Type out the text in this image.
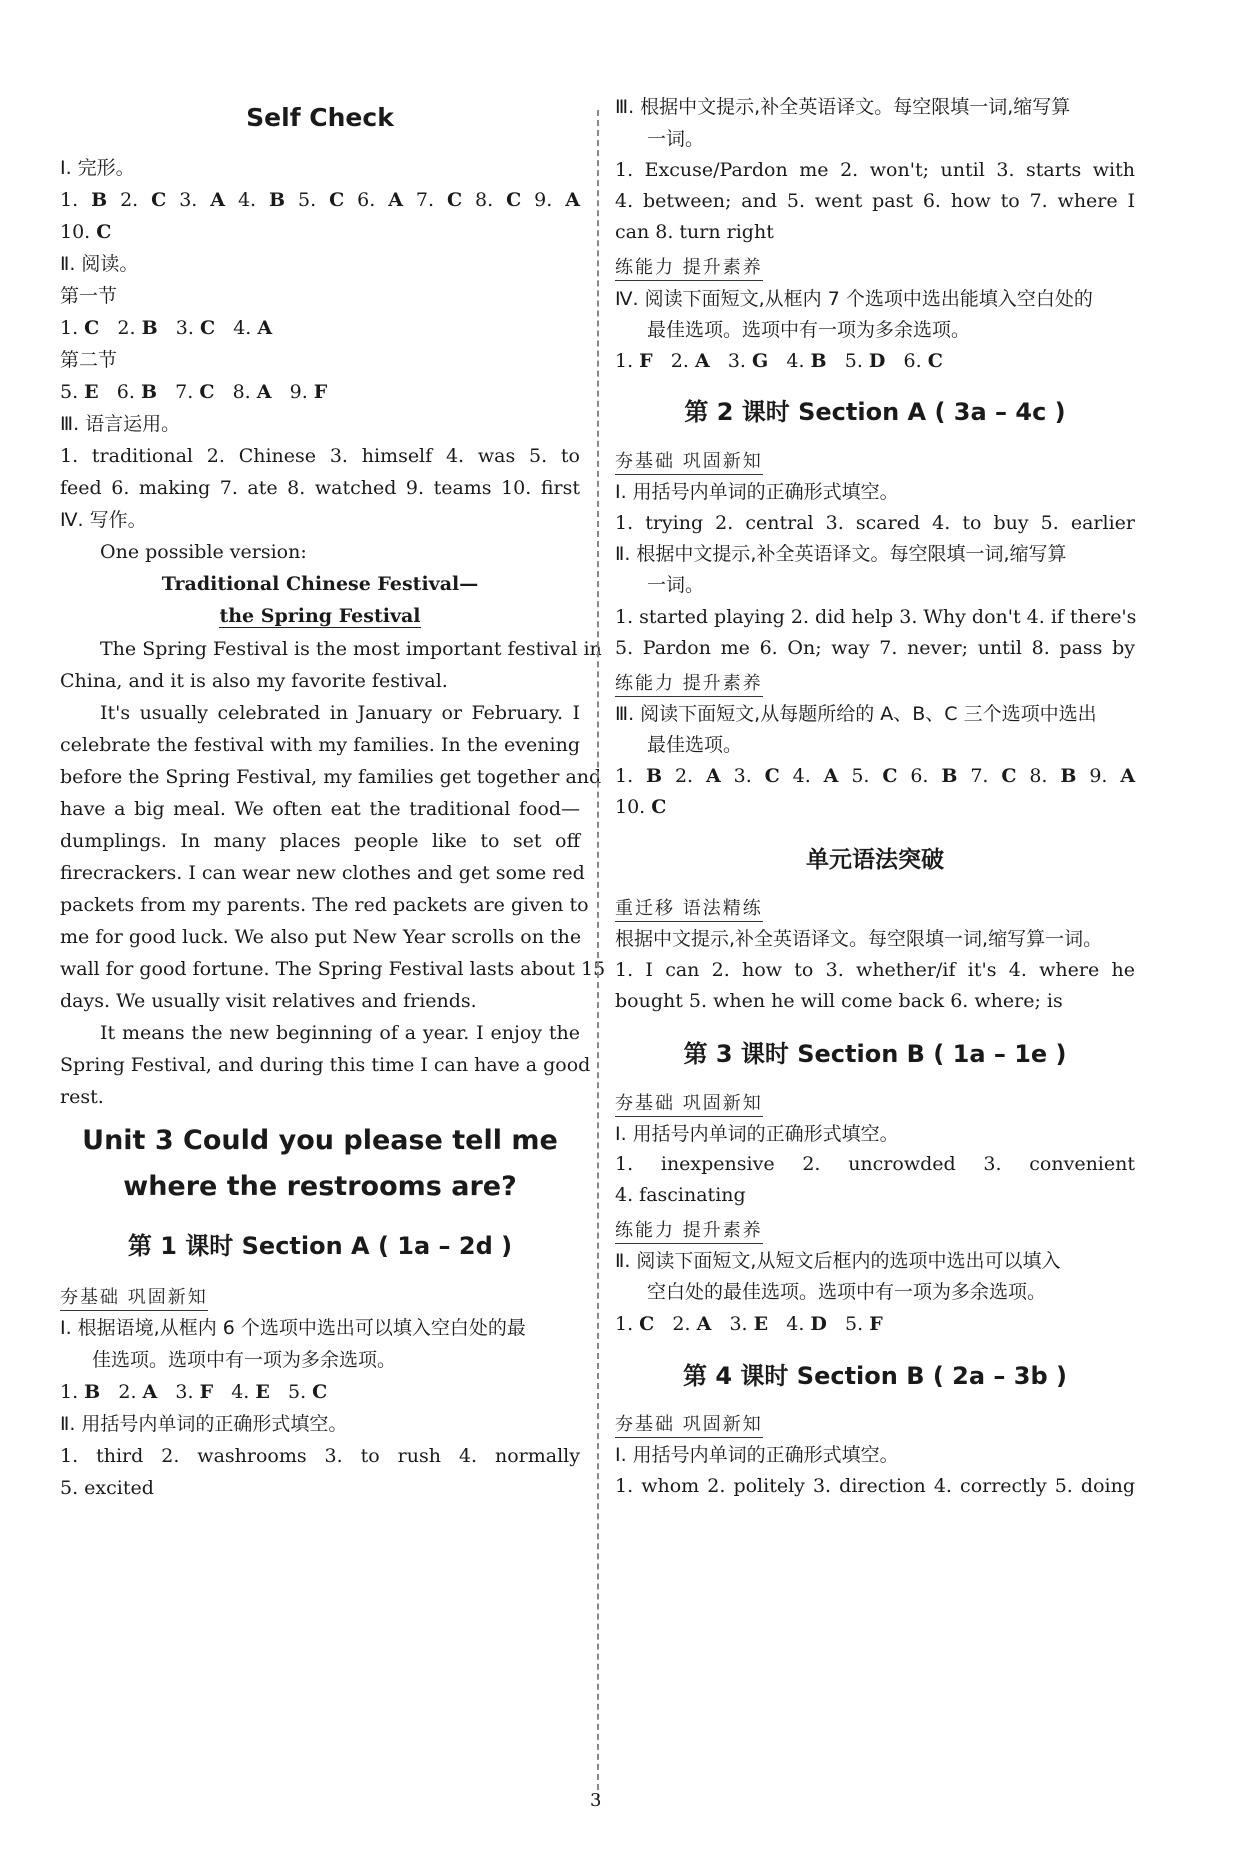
Self Check
Ⅰ. 完形。
1. B 2. C 3. A 4. B 5. C 6. A 7. C 8. C 9. A
10. C
Ⅱ. 阅读。
第一节
1. C 2. B 3. C 4. A
第二节
5. E 6. B 7. C 8. A 9. F
Ⅲ. 语言运用。
1. traditional 2. Chinese 3. himself 4. was 5. to
feed 6. making 7. ate 8. watched 9. teams 10. first
Ⅳ. 写作。
One possible version:
Traditional Chinese Festival—
the Spring Festival
The Spring Festival is the most important festival in
China, and it is also my favorite festival.
It's usually celebrated in January or February. I
celebrate the festival with my families. In the evening
before the Spring Festival, my families get together and
have a big meal. We often eat the traditional food—
dumplings. In many places people like to set off
firecrackers. I can wear new clothes and get some red
packets from my parents. The red packets are given to
me for good luck. We also put New Year scrolls on the
wall for good fortune. The Spring Festival lasts about 15
days. We usually visit relatives and friends.
It means the new beginning of a year. I enjoy the
Spring Festival, and during this time I can have a good
rest.
Unit 3 Could you please tell me
where the restrooms are?
第 1 课时 Section A ( 1a – 2d )
夯基础 巩固新知
Ⅰ. 根据语境,从框内 6 个选项中选出可以填入空白处的最
佳选项。选项中有一项为多余选项。
1. B 2. A 3. F 4. E 5. C
Ⅱ. 用括号内单词的正确形式填空。
1. third 2. washrooms 3. to rush 4. normally
5. excited
Ⅲ. 根据中文提示,补全英语译文。每空限填一词,缩写算
一词。
1. Excuse/Pardon me 2. won't; until 3. starts with
4. between; and 5. went past 6. how to 7. where I
can 8. turn right
练能力 提升素养
Ⅳ. 阅读下面短文,从框内 7 个选项中选出能填入空白处的
最佳选项。选项中有一项为多余选项。
1. F 2. A 3. G 4. B 5. D 6. C
第 2 课时 Section A ( 3a – 4c )
夯基础 巩固新知
Ⅰ. 用括号内单词的正确形式填空。
1. trying 2. central 3. scared 4. to buy 5. earlier
Ⅱ. 根据中文提示,补全英语译文。每空限填一词,缩写算
一词。
1. started playing 2. did help 3. Why don't 4. if there's
5. Pardon me 6. On; way 7. never; until 8. pass by
练能力 提升素养
Ⅲ. 阅读下面短文,从每题所给的 A、B、C 三个选项中选出
最佳选项。
1. B 2. A 3. C 4. A 5. C 6. B 7. C 8. B 9. A
10. C
单元语法突破
重迁移 语法精练
根据中文提示,补全英语译文。每空限填一词,缩写算一词。
1. I can 2. how to 3. whether/if it's 4. where he
bought 5. when he will come back 6. where; is
第 3 课时 Section B ( 1a – 1e )
夯基础 巩固新知
Ⅰ. 用括号内单词的正确形式填空。
1. inexpensive 2. uncrowded 3. convenient
4. fascinating
练能力 提升素养
Ⅱ. 阅读下面短文,从短文后框内的选项中选出可以填入
空白处的最佳选项。选项中有一项为多余选项。
1. C 2. A 3. E 4. D 5. F
第 4 课时 Section B ( 2a – 3b )
夯基础 巩固新知
Ⅰ. 用括号内单词的正确形式填空。
1. whom 2. politely 3. direction 4. correctly 5. doing
3
